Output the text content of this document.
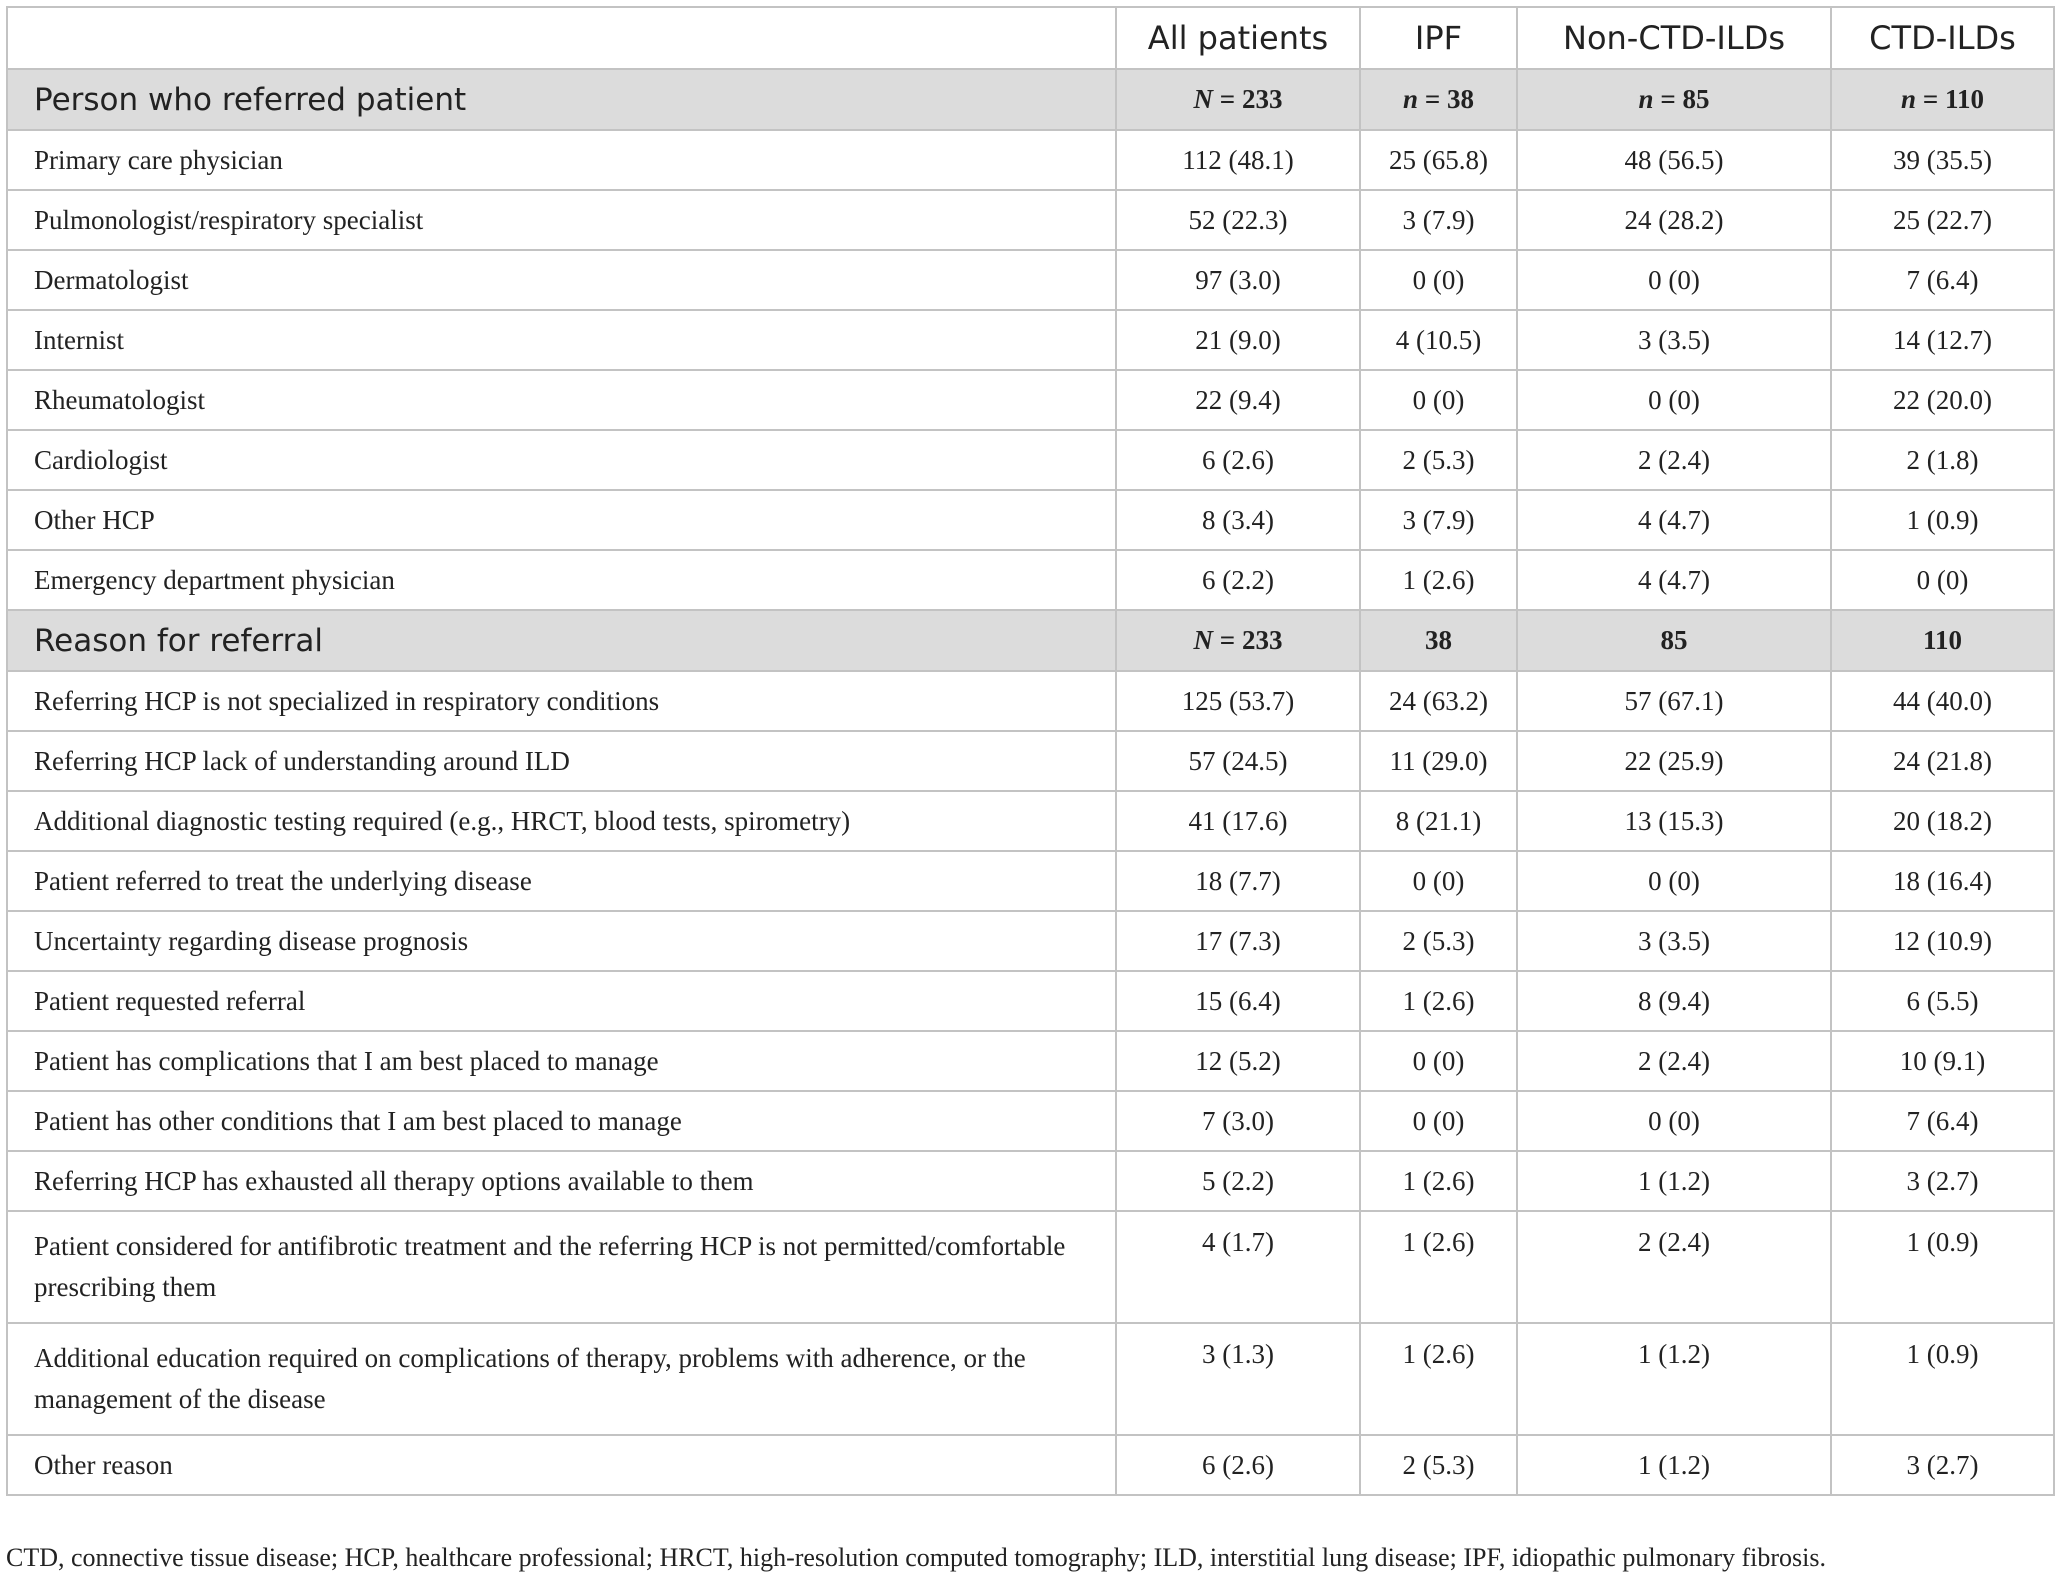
	All patients	IPF	Non-CTD-ILDs	CTD-ILDs
Person who referred patient	N = 233	n = 38	n = 85	n = 110
Primary care physician	112 (48.1)	25 (65.8)	48 (56.5)	39 (35.5)
Pulmonologist/respiratory specialist	52 (22.3)	3 (7.9)	24 (28.2)	25 (22.7)
Dermatologist	97 (3.0)	0 (0)	0 (0)	7 (6.4)
Internist	21 (9.0)	4 (10.5)	3 (3.5)	14 (12.7)
Rheumatologist	22 (9.4)	0 (0)	0 (0)	22 (20.0)
Cardiologist	6 (2.6)	2 (5.3)	2 (2.4)	2 (1.8)
Other HCP	8 (3.4)	3 (7.9)	4 (4.7)	1 (0.9)
Emergency department physician	6 (2.2)	1 (2.6)	4 (4.7)	0 (0)
Reason for referral	N = 233	38	85	110
Referring HCP is not specialized in respiratory conditions	125 (53.7)	24 (63.2)	57 (67.1)	44 (40.0)
Referring HCP lack of understanding around ILD	57 (24.5)	11 (29.0)	22 (25.9)	24 (21.8)
Additional diagnostic testing required (e.g., HRCT, blood tests, spirometry)	41 (17.6)	8 (21.1)	13 (15.3)	20 (18.2)
Patient referred to treat the underlying disease	18 (7.7)	0 (0)	0 (0)	18 (16.4)
Uncertainty regarding disease prognosis	17 (7.3)	2 (5.3)	3 (3.5)	12 (10.9)
Patient requested referral	15 (6.4)	1 (2.6)	8 (9.4)	6 (5.5)
Patient has complications that I am best placed to manage	12 (5.2)	0 (0)	2 (2.4)	10 (9.1)
Patient has other conditions that I am best placed to manage	7 (3.0)	0 (0)	0 (0)	7 (6.4)
Referring HCP has exhausted all therapy options available to them	5 (2.2)	1 (2.6)	1 (1.2)	3 (2.7)
Patient considered for antifibrotic treatment and the referring HCP is not permitted/comfortable prescribing them	4 (1.7)	1 (2.6)	2 (2.4)	1 (0.9)
Additional education required on complications of therapy, problems with adherence, or the management of the disease	3 (1.3)	1 (2.6)	1 (1.2)	1 (0.9)
Other reason	6 (2.6)	2 (5.3)	1 (1.2)	3 (2.7)
CTD, connective tissue disease; HCP, healthcare professional; HRCT, high-resolution computed tomography; ILD, interstitial lung disease; IPF, idiopathic pulmonary fibrosis.
